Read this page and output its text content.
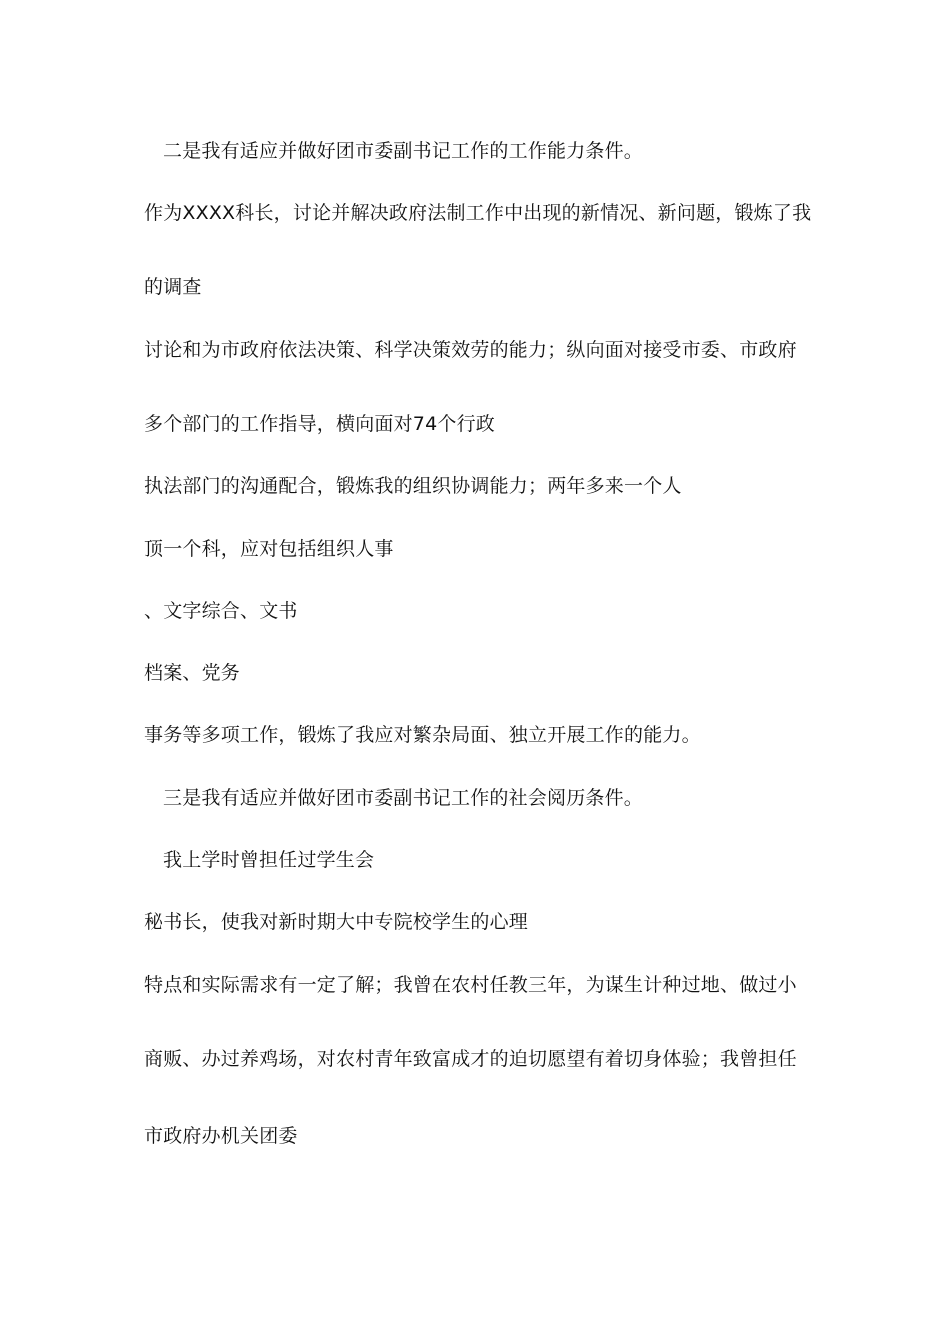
二是我有适应并做好团市委副书记工作的工作能力条件。
作为XXXX科长，讨论并解决政府法制工作中出现的新情况、新问题，锻炼了我
的调查
讨论和为市政府依法决策、科学决策效劳的能力；纵向面对接受市委、市政府
多个部门的工作指导，横向面对74个行政
执法部门的沟通配合，锻炼我的组织协调能力；两年多来一个人
顶一个科，应对包括组织人事
、文字综合、文书
档案、党务
事务等多项工作，锻炼了我应对繁杂局面、独立开展工作的能力。
三是我有适应并做好团市委副书记工作的社会阅历条件。
我上学时曾担任过学生会
秘书长，使我对新时期大中专院校学生的心理
特点和实际需求有一定了解；我曾在农村任教三年，为谋生计种过地、做过小
商贩、办过养鸡场，对农村青年致富成才的迫切愿望有着切身体验；我曾担任
市政府办机关团委
